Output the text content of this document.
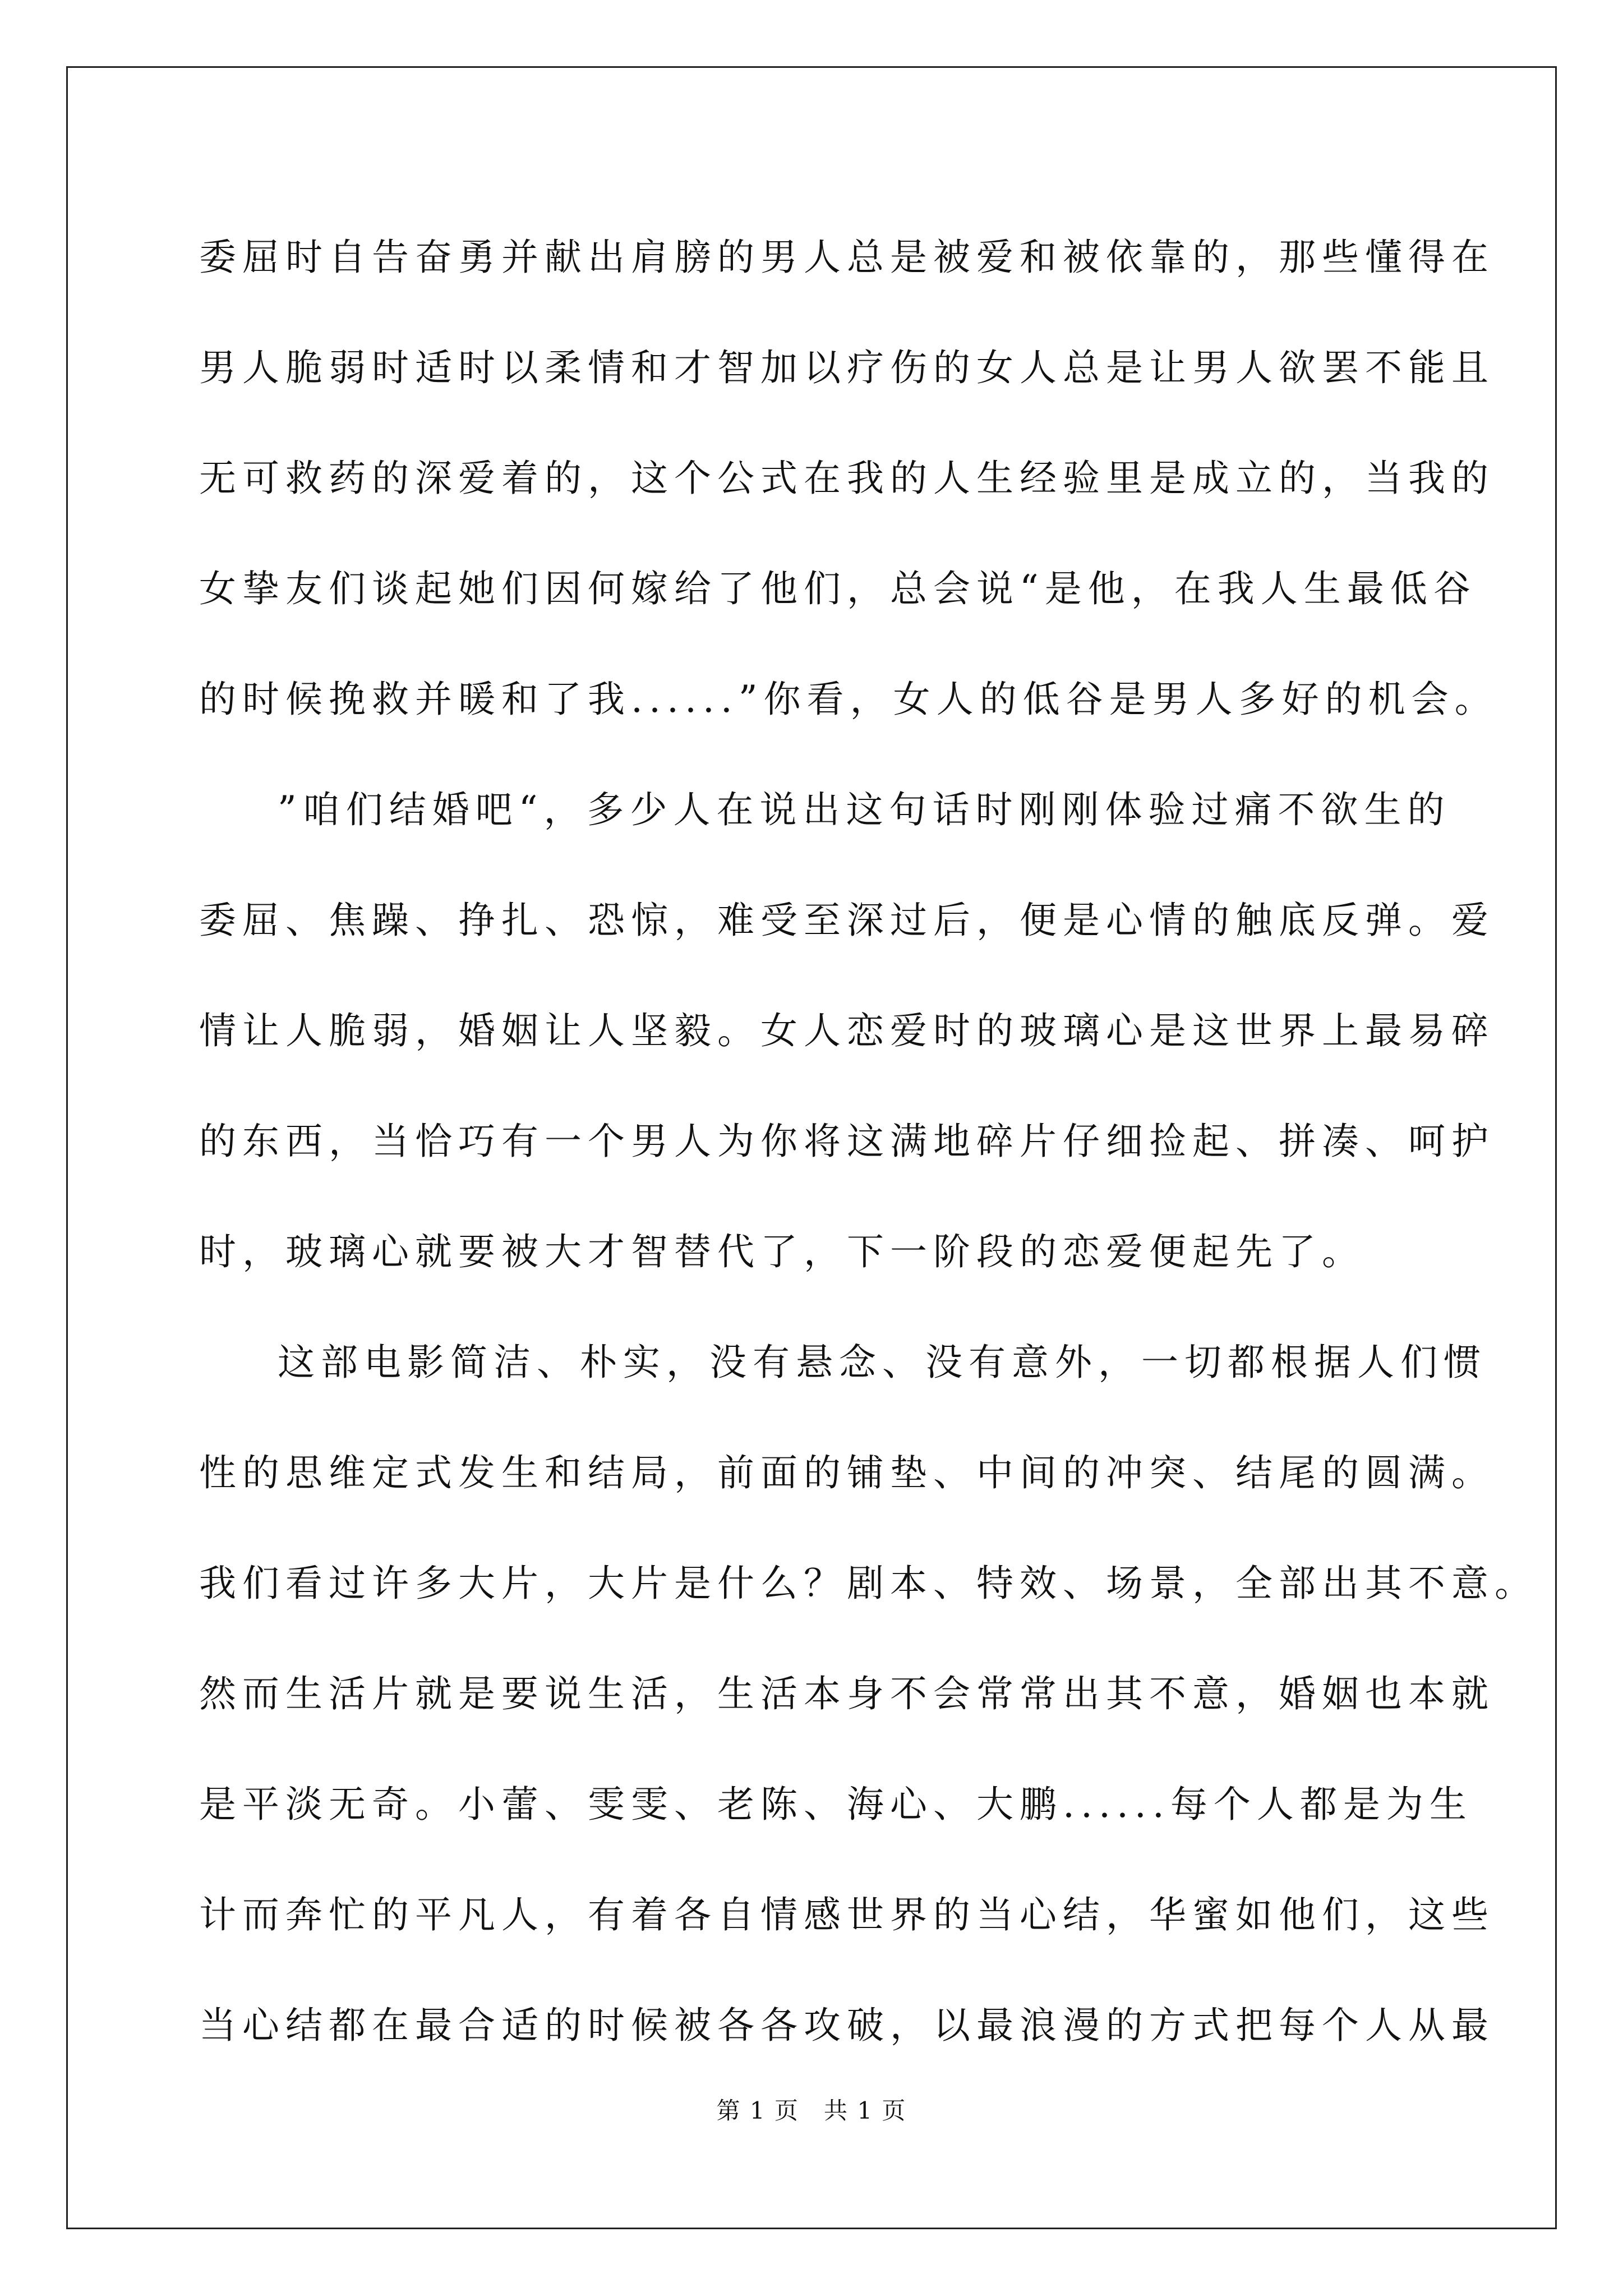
委屈时自告奋勇并献出肩膀的男人总是被爱和被依靠的，那些懂得在
男人脆弱时适时以柔情和才智加以疗伤的女人总是让男人欲罢不能且
无可救药的深爱着的，这个公式在我的人生经验里是成立的，当我的
女挚友们谈起她们因何嫁给了他们，总会说“是他，在我人生最低谷
的时候挽救并暖和了我......”你看，女人的低谷是男人多好的机会。
”咱们结婚吧“，多少人在说出这句话时刚刚体验过痛不欲生的
委屈、焦躁、挣扎、恐惊，难受至深过后，便是心情的触底反弹。爱
情让人脆弱，婚姻让人坚毅。女人恋爱时的玻璃心是这世界上最易碎
的东西，当恰巧有一个男人为你将这满地碎片仔细捡起、拼凑、呵护
时，玻璃心就要被大才智替代了，下一阶段的恋爱便起先了。
这部电影简洁、朴实，没有悬念、没有意外，一切都根据人们惯
性的思维定式发生和结局，前面的铺垫、中间的冲突、结尾的圆满。
我们看过许多大片，大片是什么？剧本、特效、场景，全部出其不意。
然而生活片就是要说生活，生活本身不会常常出其不意，婚姻也本就
是平淡无奇。小蕾、雯雯、老陈、海心、大鹏......每个人都是为生
计而奔忙的平凡人，有着各自情感世界的当心结，华蜜如他们，这些
当心结都在最合适的时候被各各攻破，以最浪漫的方式把每个人从最
第 1 页　共 1 页
